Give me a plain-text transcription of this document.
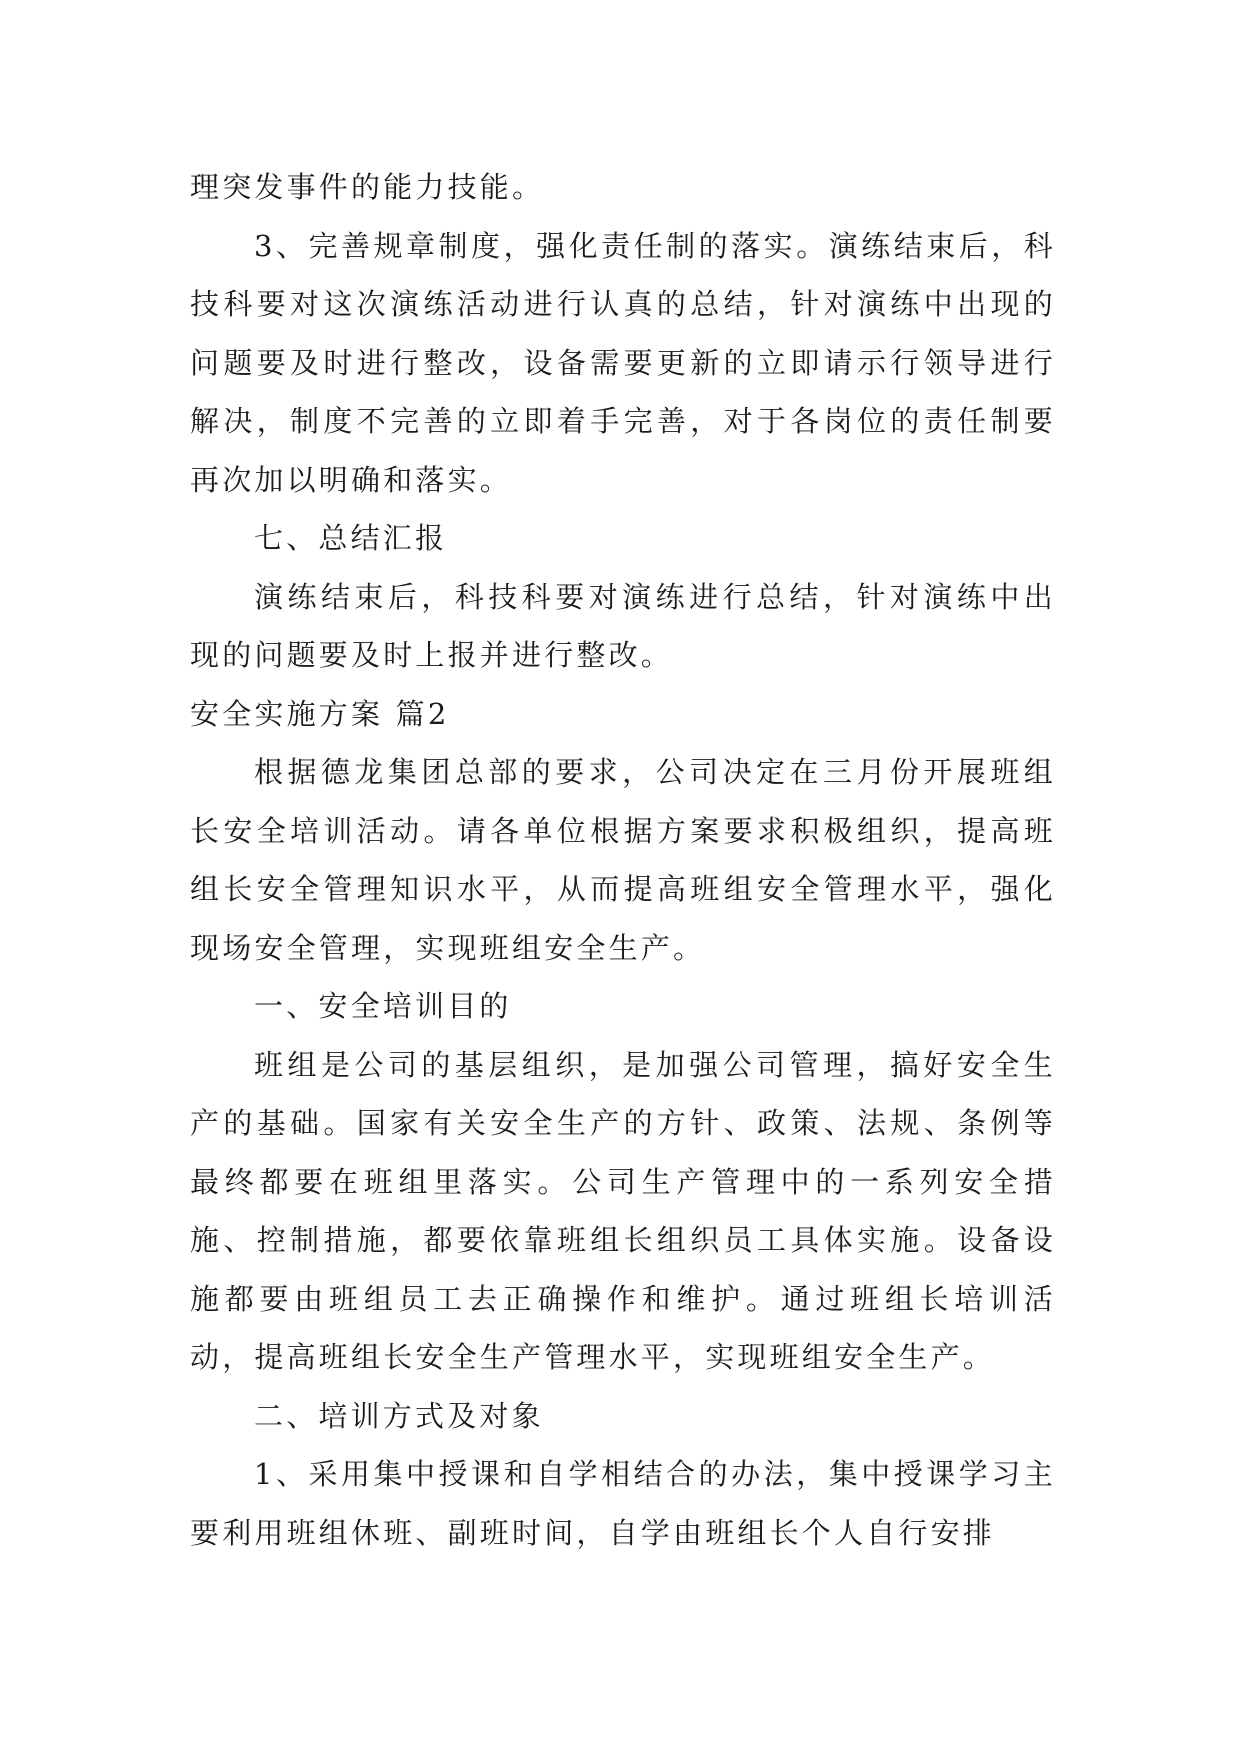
理突发事件的能力技能。

3、完善规章制度，强化责任制的落实。演练结束后，科技科要对这次演练活动进行认真的总结，针对演练中出现的问题要及时进行整改，设备需要更新的立即请示行领导进行解决，制度不完善的立即着手完善，对于各岗位的责任制要再次加以明确和落实。

七、总结汇报

演练结束后，科技科要对演练进行总结，针对演练中出现的问题要及时上报并进行整改。

安全实施方案 篇2

根据德龙集团总部的要求，公司决定在三月份开展班组长安全培训活动。请各单位根据方案要求积极组织，提高班组长安全管理知识水平，从而提高班组安全管理水平，强化现场安全管理，实现班组安全生产。

一、安全培训目的

班组是公司的基层组织，是加强公司管理，搞好安全生产的基础。国家有关安全生产的方针、政策、法规、条例等最终都要在班组里落实。公司生产管理中的一系列安全措施、控制措施，都要依靠班组长组织员工具体实施。设备设施都要由班组员工去正确操作和维护。通过班组长培训活动，提高班组长安全生产管理水平，实现班组安全生产。

二、培训方式及对象

1、采用集中授课和自学相结合的办法，集中授课学习主要利用班组休班、副班时间，自学由班组长个人自行安排
